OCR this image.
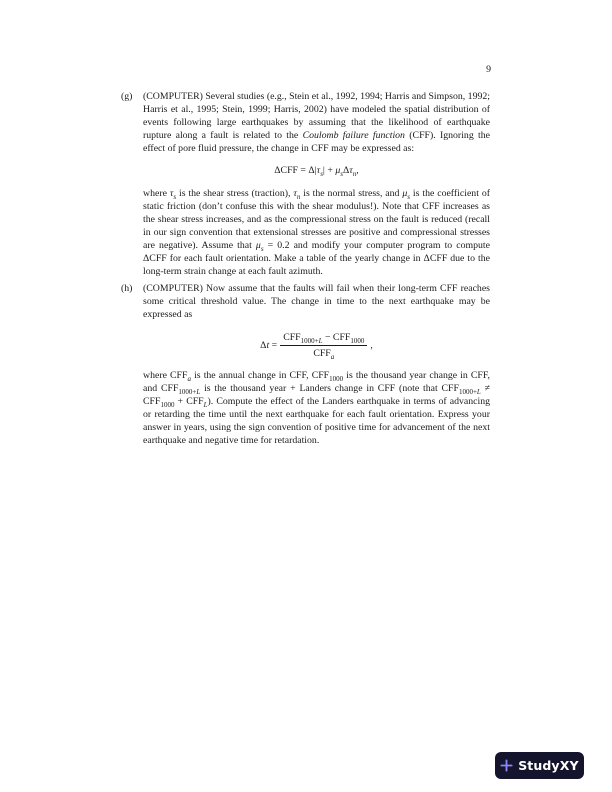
9
(g)	(COMPUTER) Several studies (e.g., Stein et al., 1992, 1994; Harris and Simpson, 1992; Harris et al., 1995; Stein, 1999; Harris, 2002) have modeled the spatial distribution of events following large earthquakes by assuming that the likelihood of earthquake rupture along a fault is related to the Coulomb failure function (CFF). Ignoring the effect of pore fluid pressure, the change in CFF may be expressed as:

$\Delta CFF = \Delta|\tau_s| + \mu_s\Delta\tau_n$,

where $\tau_s$ is the shear stress (traction), $\tau_n$ is the normal stress, and $\mu_s$ is the coefficient of static friction (don’t confuse this with the shear modulus!). Note that CFF increases as the shear stress increases, and as the compressional stress on the fault is reduced (recall in our sign convention that extensional stresses are positive and compressional stresses are negative). Assume that $\mu_s = 0.2$ and modify your computer program to compute ΔCFF for each fault orientation. Make a table of the yearly change in ΔCFF due to the long-term strain change at each fault azimuth.

(h)	(COMPUTER) Now assume that the faults will fail when their long-term CFF reaches some critical threshold value. The change in time to the next earthquake may be expressed as

$\Delta t = \frac{CFF_{1000+L} - CFF_{1000}}{CFF_a}$ ,

where $CFF_a$ is the annual change in CFF, $CFF_{1000}$ is the thousand year change in CFF, and $CFF_{1000+L}$ is the thousand year + Landers change in CFF (note that $CFF_{1000+L} \ne CFF_{1000} + CFF_L$). Compute the effect of the Landers earthquake in terms of advancing or retarding the time until the next earthquake for each fault orientation. Express your answer in years, using the sign convention of positive time for advancement of the next earthquake and negative time for retardation.

StudyXY
